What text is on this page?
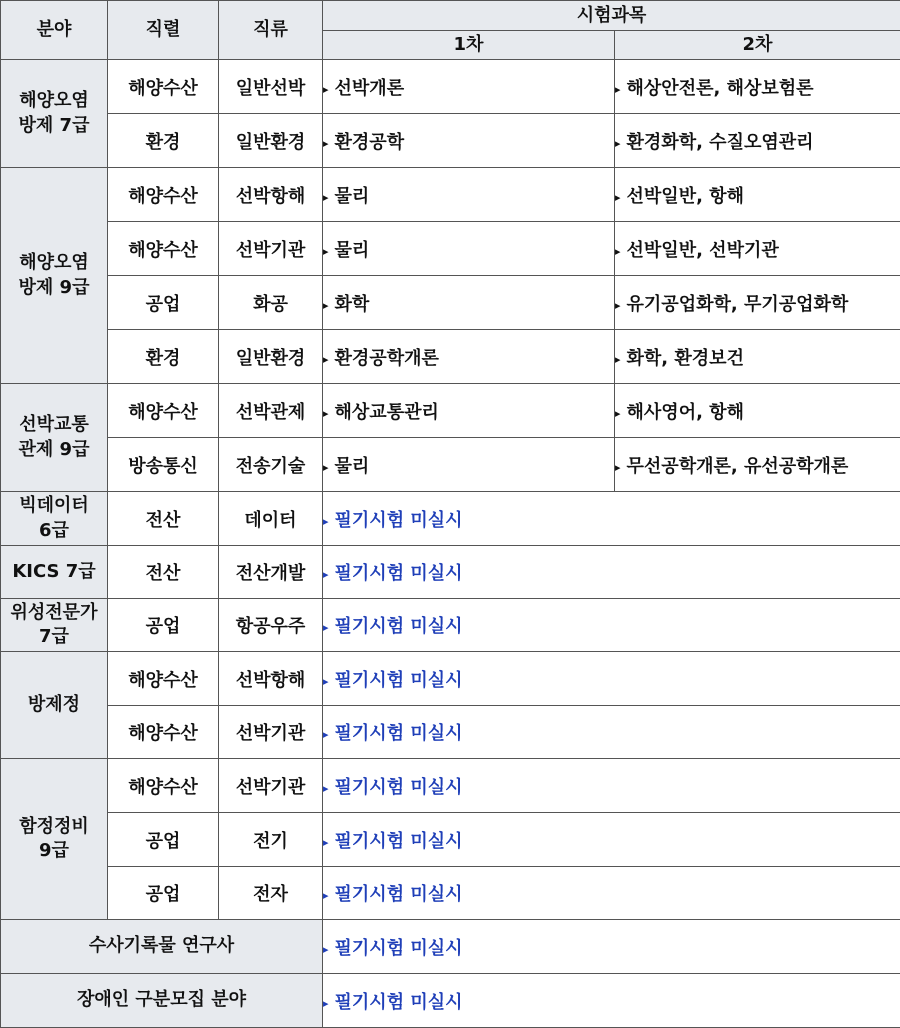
분야	직렬	직류	시험과목	
			1차	2차

해양오염
방제 7급	해양수산	일반선박	▸ 선박개론	▸ 해상안전론, 해상보험론
	환경	일반환경	▸ 환경공학	▸ 환경화학, 수질오염관리

해양오염
방제 9급	해양수산	선박항해	▸ 물리	▸ 선박일반, 항해
	해양수산	선박기관	▸ 물리	▸ 선박일반, 선박기관
	공업	화공	▸ 화학	▸ 유기공업화학, 무기공업화학
	환경	일반환경	▸ 환경공학개론	▸ 화학, 환경보건

선박교통
관제 9급	해양수산	선박관제	▸ 해상교통관리	▸ 해사영어, 항해
	방송통신	전송기술	▸ 물리	▸ 무선공학개론, 유선공학개론

빅데이터
6급	전산	데이터	▸ 필기시험 미실시	

KICS 7급	전산	전산개발	▸ 필기시험 미실시	

위성전문가
7급	공업	항공우주	▸ 필기시험 미실시	

방제정	해양수산	선박항해	▸ 필기시험 미실시	
	해양수산	선박기관	▸ 필기시험 미실시	

함정정비
9급	해양수산	선박기관	▸ 필기시험 미실시	
	공업	전기	▸ 필기시험 미실시	
	공업	전자	▸ 필기시험 미실시	
수사기록물 연구사			▸ 필기시험 미실시	
장애인 구분모집 분야			▸ 필기시험 미실시	
